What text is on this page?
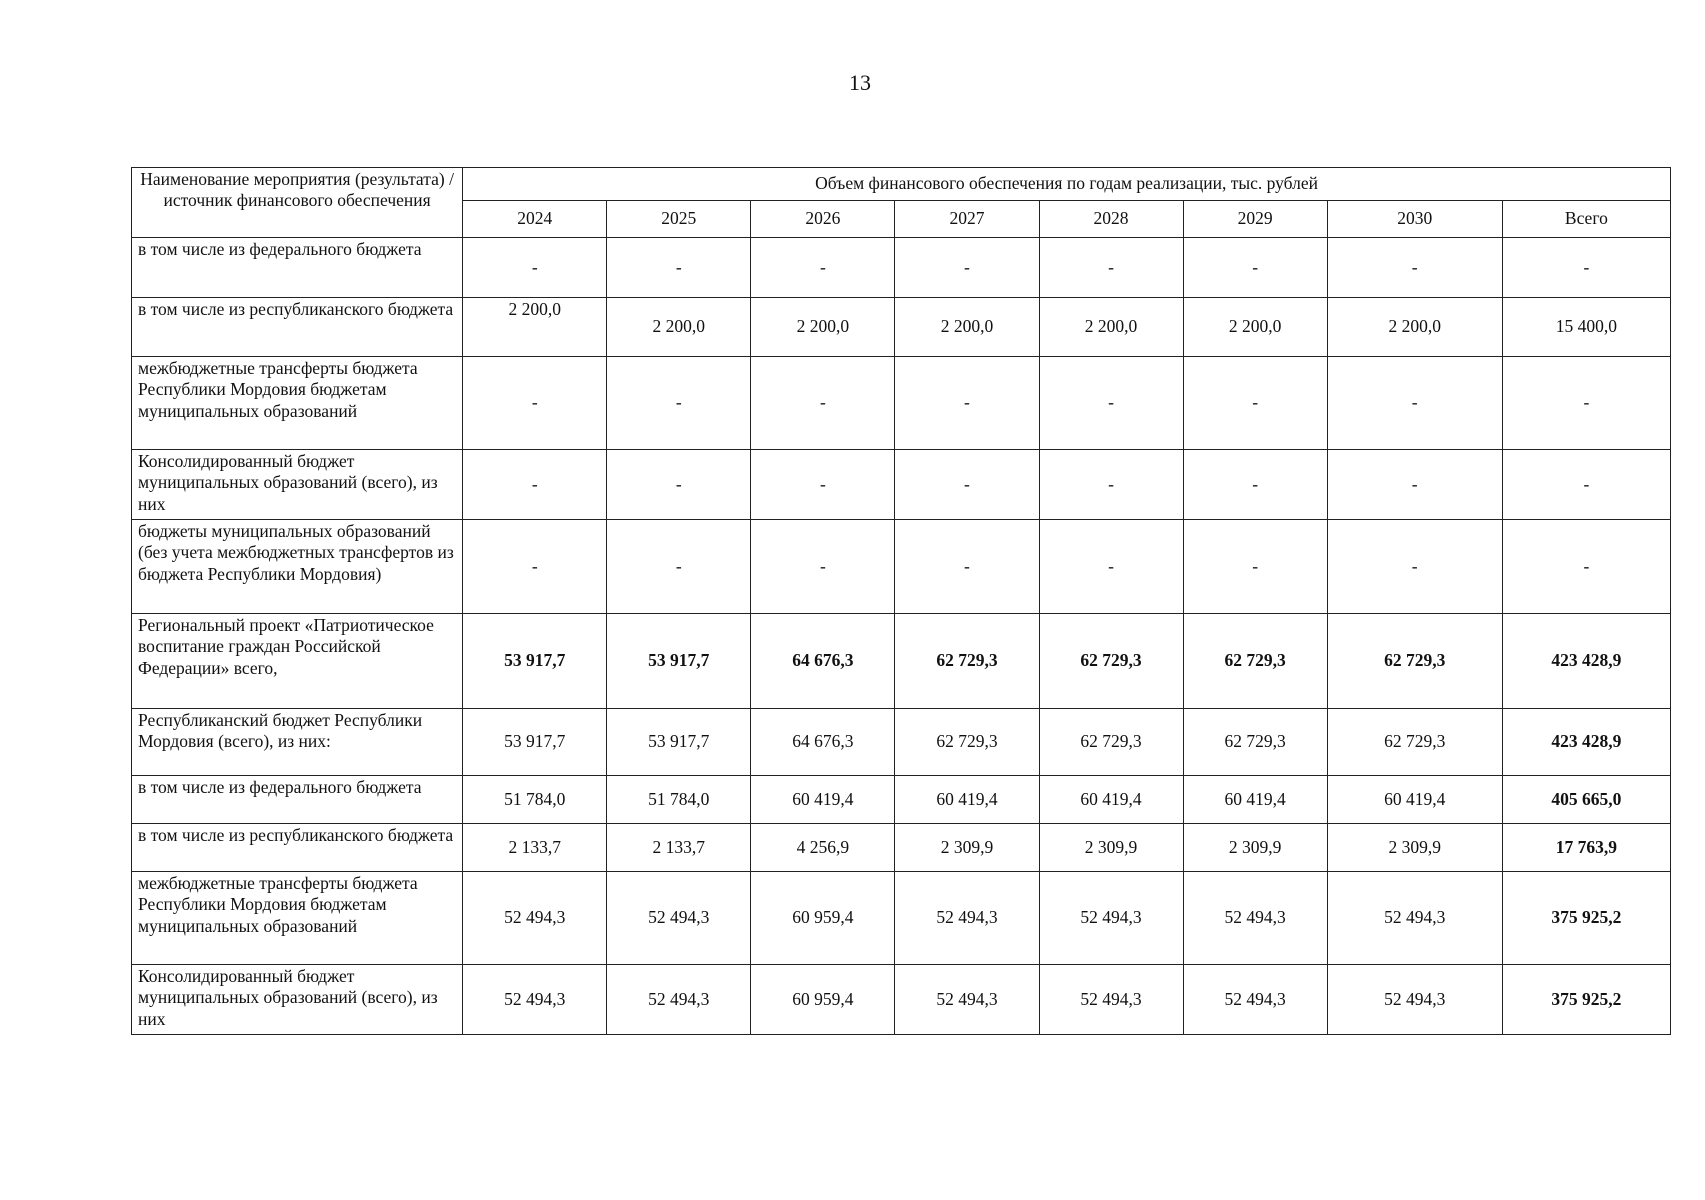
13
Наименование мероприятия (результата) / источник финансового обеспечения	Объем финансового обеспечения по годам реализации, тыс. рублей							
	2024	2025	2026	2027	2028	2029	2030	Всего
в том числе из федерального бюджета	-	-	-	-	-	-	-	-
в том числе из республиканского бюджета	2 200,0	2 200,0	2 200,0	2 200,0	2 200,0	2 200,0	2 200,0	15 400,0
межбюджетные трансферты бюджета Республики Мордовия бюджетам муниципальных образований	-	-	-	-	-	-	-	-
Консолидированный бюджет муниципальных образований (всего), из них	-	-	-	-	-	-	-	-
бюджеты муниципальных образований (без учета межбюджетных трансфертов из бюджета Республики Мордовия)	-	-	-	-	-	-	-	-
Региональный проект «Патриотическое воспитание граждан Российской Федерации» всего,	53 917,7	53 917,7	64 676,3	62 729,3	62 729,3	62 729,3	62 729,3	423 428,9
Республиканский бюджет Республики Мордовия (всего), из них:	53 917,7	53 917,7	64 676,3	62 729,3	62 729,3	62 729,3	62 729,3	423 428,9
в том числе из федерального бюджета	51 784,0	51 784,0	60 419,4	60 419,4	60 419,4	60 419,4	60 419,4	405 665,0
в том числе из республиканского бюджета	2 133,7	2 133,7	4 256,9	2 309,9	2 309,9	2 309,9	2 309,9	17 763,9
межбюджетные трансферты бюджета Республики Мордовия бюджетам муниципальных образований	52 494,3	52 494,3	60 959,4	52 494,3	52 494,3	52 494,3	52 494,3	375 925,2
Консолидированный бюджет муниципальных образований (всего), из них	52 494,3	52 494,3	60 959,4	52 494,3	52 494,3	52 494,3	52 494,3	375 925,2
